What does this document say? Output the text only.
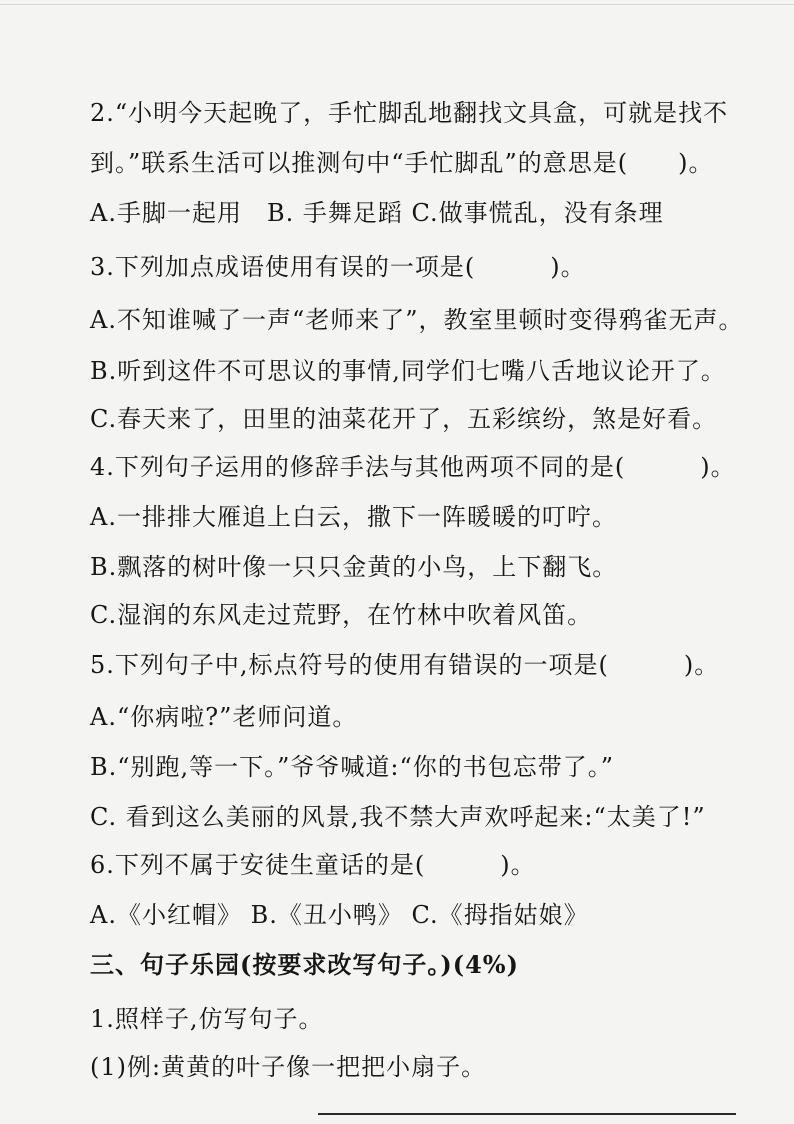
2.“小明今天起晚了，手忙脚乱地翻找文具盒，可就是找不
到。”联系生活可以推测句中“手忙脚乱”的意思是(　　)。
A.手脚一起用　B. 手舞足蹈 C.做事慌乱，没有条理
3.下列加点成语使用有误的一项是(　　　)。
A.不知谁喊了一声“老师来了”，教室里顿时变得鸦雀无声。
B.听到这件不可思议的事情,同学们七嘴八舌地议论开了。
C.春天来了，田里的油菜花开了，五彩缤纷，煞是好看。
4.下列句子运用的修辞手法与其他两项不同的是(　　　)。
A.一排排大雁追上白云，撒下一阵暖暖的叮咛。
B.飘落的树叶像一只只金黄的小鸟，上下翻飞。
C.湿润的东风走过荒野，在竹林中吹着风笛。
5.下列句子中,标点符号的使用有错误的一项是(　　　)。
A.“你病啦?”老师问道。
B.“别跑,等一下。”爷爷喊道:“你的书包忘带了。”
C. 看到这么美丽的风景,我不禁大声欢呼起来:“太美了!”
6.下列不属于安徒生童话的是(　　　)。
A.《小红帽》 B.《丑小鸭》 C.《拇指姑娘》
三、句子乐园(按要求改写句子。)(4%)
1.照样子,仿写句子。
(1)例:黄黄的叶子像一把把小扇子。
